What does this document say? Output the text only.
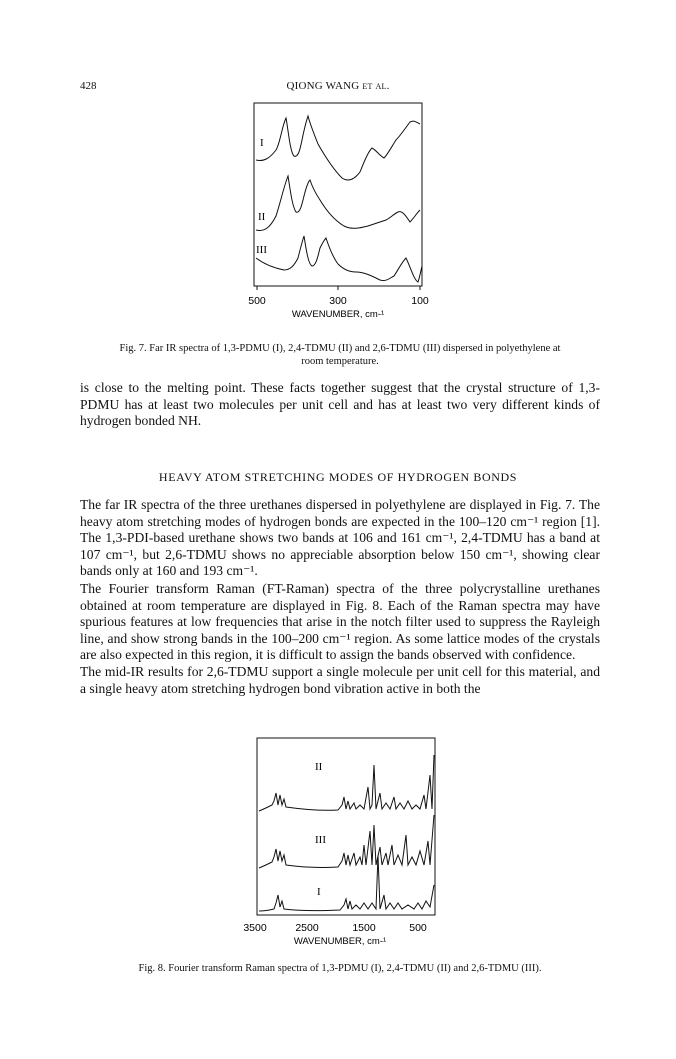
428	QIONG WANG et al.
I
II
III
500	300	100
WAVENUMBER, cm-¹
Fig. 7. Far IR spectra of 1,3-PDMU (I), 2,4-TDMU (II) and 2,6-TDMU (III) dispersed in polyethylene at room temperature.
is close to the melting point. These facts together suggest that the crystal structure of 1,3-PDMU has at least two molecules per unit cell and has at least two very different kinds of hydrogen bonded NH.
HEAVY ATOM STRETCHING MODES OF HYDROGEN BONDS
The far IR spectra of the three urethanes dispersed in polyethylene are displayed in Fig. 7. The heavy atom stretching modes of hydrogen bonds are expected in the 100–120 cm⁻¹ region [1]. The 1,3-PDI-based urethane shows two bands at 106 and 161 cm⁻¹, 2,4-TDMU has a band at 107 cm⁻¹, but 2,6-TDMU shows no appreciable absorption below 150 cm⁻¹, showing clear bands only at 160 and 193 cm⁻¹.
The Fourier transform Raman (FT-Raman) spectra of the three polycrystalline urethanes obtained at room temperature are displayed in Fig. 8. Each of the Raman spectra may have spurious features at low frequencies that arise in the notch filter used to suppress the Rayleigh line, and show strong bands in the 100–200 cm⁻¹ region. As some lattice modes of the crystals are also expected in this region, it is difficult to assign the bands observed with confidence.
The mid-IR results for 2,6-TDMU support a single molecule per unit cell for this material, and a single heavy atom stretching hydrogen bond vibration active in both the
II
III
I
3500	2500	1500	500
WAVENUMBER, cm-¹
Fig. 8. Fourier transform Raman spectra of 1,3-PDMU (I), 2,4-TDMU (II) and 2,6-TDMU (III).
